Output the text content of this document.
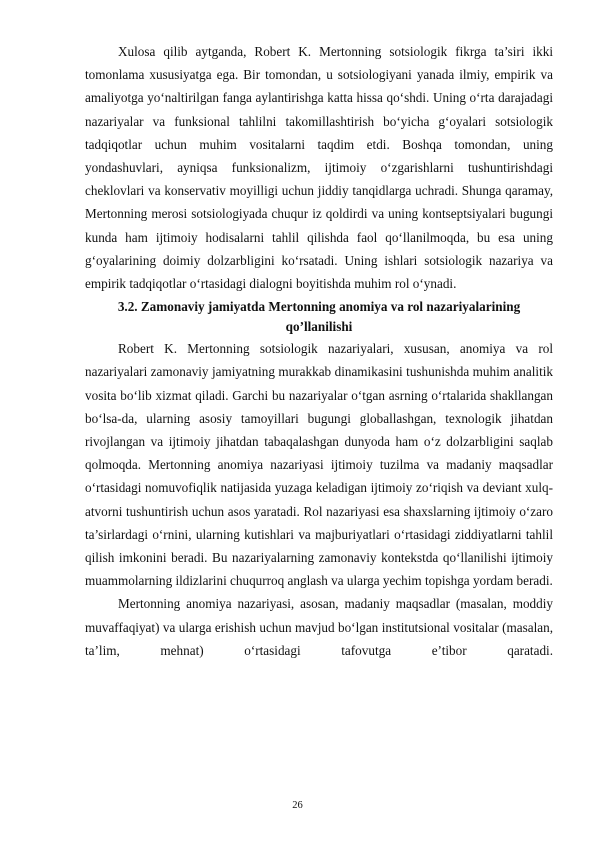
Xulosa qilib aytganda, Robert K. Mertonning sotsiologik fikrga ta’siri ikki tomonlama xususiyatga ega. Bir tomondan, u sotsiologiyani yanada ilmiy, empirik va amaliyotga yo‘naltirilgan fanga aylantirishga katta hissa qo‘shdi. Uning o‘rta darajadagi nazariyalar va funksional tahlilni takomillashtirish bo‘yicha g‘oyalari sotsiologik tadqiqotlar uchun muhim vositalarni taqdim etdi. Boshqa tomondan, uning yondashuvlari, ayniqsa funksionalizm, ijtimoiy o‘zgarishlarni tushuntirishdagi cheklovlari va konservativ moyilligi uchun jiddiy tanqidlarga uchradi. Shunga qaramay, Mertonning merosi sotsiologiyada chuqur iz qoldirdi va uning kontseptsiyalari bugungi kunda ham ijtimoiy hodisalarni tahlil qilishda faol qo‘llanilmoqda, bu esa uning g‘oyalarining doimiy dolzarbligini ko‘rsatadi. Uning ishlari sotsiologik nazariya va empirik tadqiqotlar o‘rtasidagi dialogni boyitishda muhim rol o‘ynadi.

3.2. Zamonaviy jamiyatda Mertonning anomiya va rol nazariyalarining qo’llanilishi

Robert K. Mertonning sotsiologik nazariyalari, xususan, anomiya va rol nazariyalari zamonaviy jamiyatning murakkab dinamikasini tushunishda muhim analitik vosita bo‘lib xizmat qiladi. Garchi bu nazariyalar o‘tgan asrning o‘rtalarida shakllangan bo‘lsa-da, ularning asosiy tamoyillari bugungi globallashgan, texnologik jihatdan rivojlangan va ijtimoiy jihatdan tabaqalashgan dunyoda ham o‘z dolzarbligini saqlab qolmoqda. Mertonning anomiya nazariyasi ijtimoiy tuzilma va madaniy maqsadlar o‘rtasidagi nomuvofiqlik natijasida yuzaga keladigan ijtimoiy zo‘riqish va deviant xulq-atvorni tushuntirish uchun asos yaratadi. Rol nazariyasi esa shaxslarning ijtimoiy o‘zaro ta’sirlardagi o‘rnini, ularning kutishlari va majburiyatlari o‘rtasidagi ziddiyatlarni tahlil qilish imkonini beradi. Bu nazariyalarning zamonaviy kontekstda qo‘llanilishi ijtimoiy muammolarning ildizlarini chuqurroq anglash va ularga yechim topishga yordam beradi.

Mertonning anomiya nazariyasi, asosan, madaniy maqsadlar (masalan, moddiy muvaffaqiyat) va ularga erishish uchun mavjud bo‘lgan institutsional vositalar (masalan, ta’lim, mehnat) o‘rtasidagi tafovutga e’tibor qaratadi.

26
